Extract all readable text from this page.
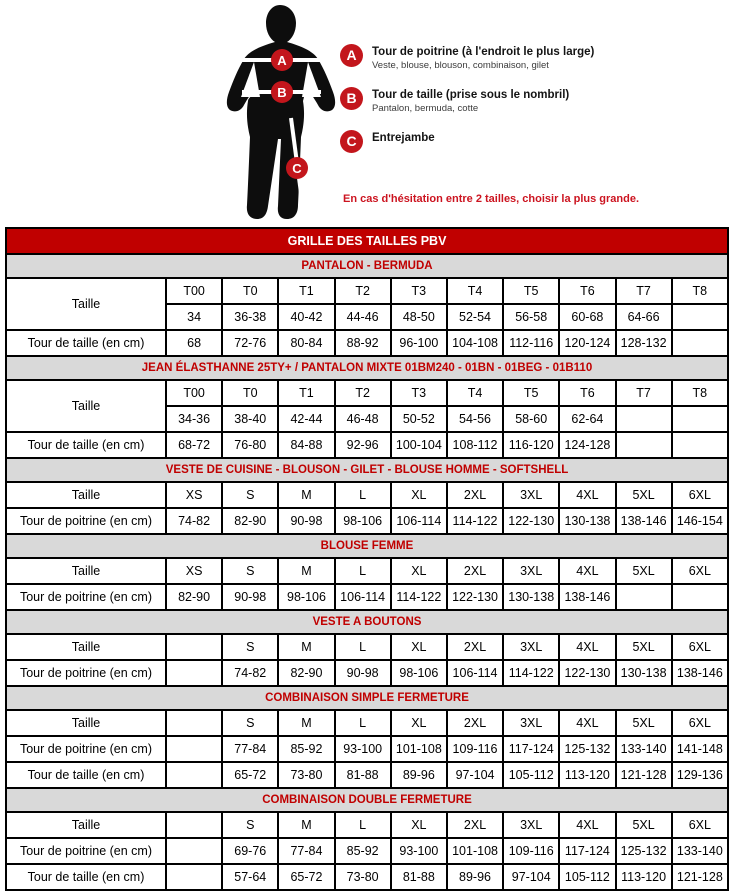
A
B
C
A	Tour de poitrine (à l'endroit le plus large)
Veste, blouse, blouson, combinaison, gilet
B	Tour de taille (prise sous le nombril)
Pantalon, bermuda, cotte
C	Entrejambe
En cas d'hésitation entre 2 tailles, choisir la plus grande.
GRILLE DES TAILLES PBV										
PANTALON - BERMUDA										
Taille	T00	T0	T1	T2	T3	T4	T5	T6	T7	T8
	34	36-38	40-42	44-46	48-50	52-54	56-58	60-68	64-66	
Tour de taille (en cm)	68	72-76	80-84	88-92	96-100	104-108	112-116	120-124	128-132	
JEAN ÉLASTHANNE 25TY+ / PANTALON MIXTE 01BM240 - 01BN - 01BEG - 01B110										
Taille	T00	T0	T1	T2	T3	T4	T5	T6	T7	T8
	34-36	38-40	42-44	46-48	50-52	54-56	58-60	62-64		
Tour de taille (en cm)	68-72	76-80	84-88	92-96	100-104	108-112	116-120	124-128		
VESTE DE CUISINE - BLOUSON - GILET - BLOUSE HOMME - SOFTSHELL										
Taille	XS	S	M	L	XL	2XL	3XL	4XL	5XL	6XL
Tour de poitrine (en cm)	74-82	82-90	90-98	98-106	106-114	114-122	122-130	130-138	138-146	146-154
BLOUSE FEMME										
Taille	XS	S	M	L	XL	2XL	3XL	4XL	5XL	6XL
Tour de poitrine (en cm)	82-90	90-98	98-106	106-114	114-122	122-130	130-138	138-146		
VESTE A BOUTONS										
Taille		S	M	L	XL	2XL	3XL	4XL	5XL	6XL
Tour de poitrine (en cm)		74-82	82-90	90-98	98-106	106-114	114-122	122-130	130-138	138-146
COMBINAISON SIMPLE FERMETURE										
Taille		S	M	L	XL	2XL	3XL	4XL	5XL	6XL
Tour de poitrine (en cm)		77-84	85-92	93-100	101-108	109-116	117-124	125-132	133-140	141-148
Tour de taille (en cm)		65-72	73-80	81-88	89-96	97-104	105-112	113-120	121-128	129-136
COMBINAISON DOUBLE FERMETURE										
Taille		S	M	L	XL	2XL	3XL	4XL	5XL	6XL
Tour de poitrine (en cm)		69-76	77-84	85-92	93-100	101-108	109-116	117-124	125-132	133-140
Tour de taille (en cm)		57-64	65-72	73-80	81-88	89-96	97-104	105-112	113-120	121-128
